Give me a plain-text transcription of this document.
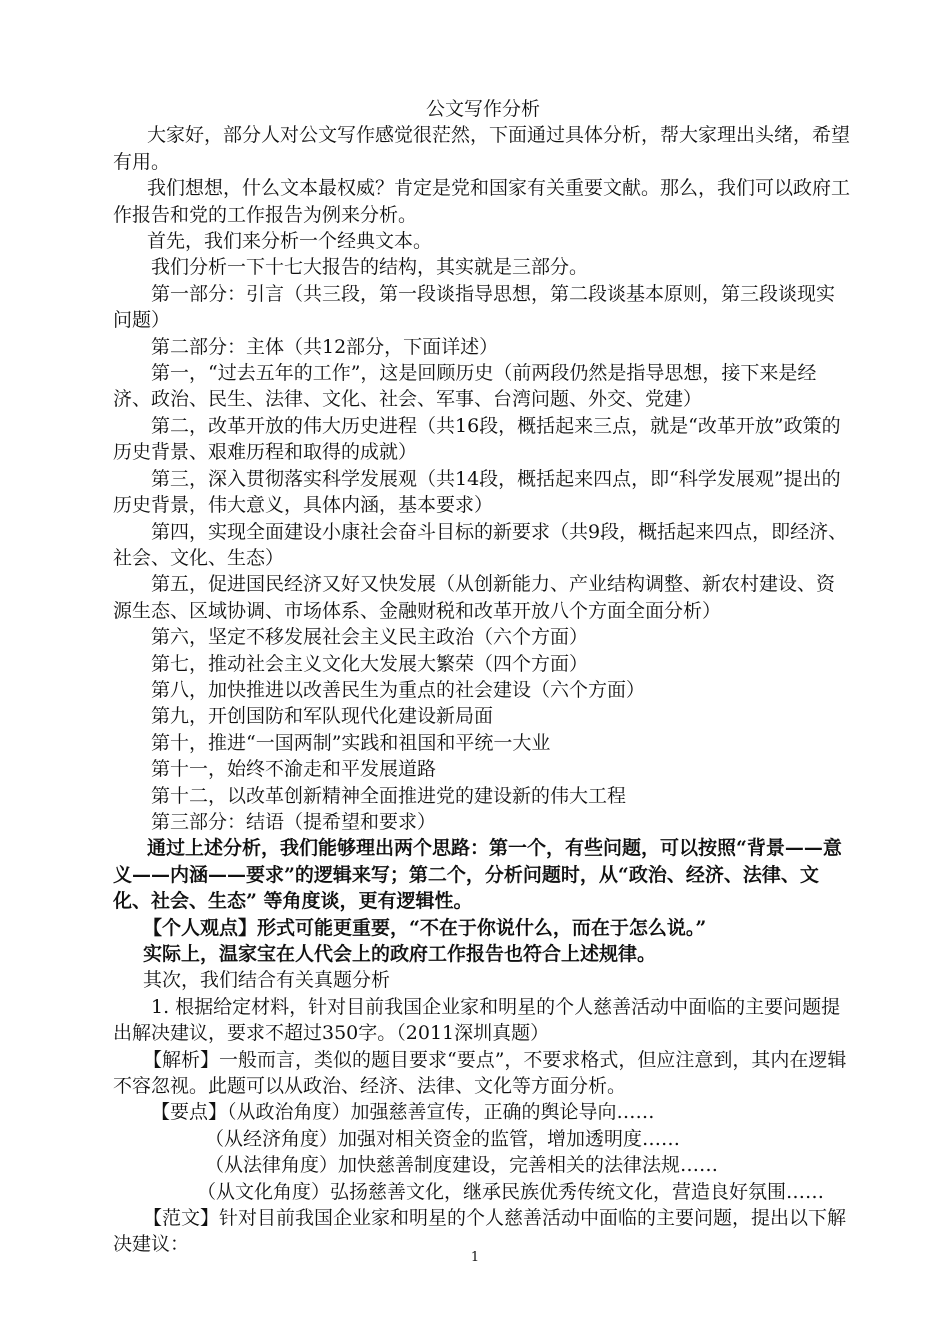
公文写作分析

大家好，部分人对公文写作感觉很茫然，下面通过具体分析，帮大家理出头绪，希望有用。

我们想想，什么文本最权威？肯定是党和国家有关重要文献。那么，我们可以政府工作报告和党的工作报告为例来分析。

首先，我们来分析一个经典文本。

我们分析一下十七大报告的结构，其实就是三部分。

第一部分：引言（共三段，第一段谈指导思想，第二段谈基本原则，第三段谈现实问题）

第二部分：主体（共12部分，下面详述）

第一，“过去五年的工作”，这是回顾历史（前两段仍然是指导思想，接下来是经济、政治、民生、法律、文化、社会、军事、台湾问题、外交、党建）

第二，改革开放的伟大历史进程（共16段，概括起来三点，就是“改革开放”政策的历史背景、艰难历程和取得的成就）

第三，深入贯彻落实科学发展观（共14段，概括起来四点，即“科学发展观”提出的历史背景，伟大意义，具体内涵，基本要求）

第四，实现全面建设小康社会奋斗目标的新要求（共9段，概括起来四点，即经济、社会、文化、生态）

第五，促进国民经济又好又快发展（从创新能力、产业结构调整、新农村建设、资源生态、区域协调、市场体系、金融财税和改革开放八个方面全面分析）

第六，坚定不移发展社会主义民主政治（六个方面）

第七，推动社会主义文化大发展大繁荣（四个方面）

第八，加快推进以改善民生为重点的社会建设（六个方面）

第九，开创国防和军队现代化建设新局面

第十，推进“一国两制”实践和祖国和平统一大业

第十一，始终不渝走和平发展道路

第十二，以改革创新精神全面推进党的建设新的伟大工程

第三部分：结语（提希望和要求）

通过上述分析，我们能够理出两个思路：第一个，有些问题，可以按照“背景——意义——内涵——要求”的逻辑来写；第二个，分析问题时，从“政治、经济、法律、文化、社会、生态” 等角度谈，更有逻辑性。

【个人观点】形式可能更重要，“不在于你说什么，而在于怎么说。”

实际上，温家宝在人代会上的政府工作报告也符合上述规律。

其次，我们结合有关真题分析

1. 根据给定材料，针对目前我国企业家和明星的个人慈善活动中面临的主要问题提出解决建议，要求不超过350字。（2011深圳真题）

【解析】一般而言，类似的题目要求“要点”，不要求格式，但应注意到，其内在逻辑不容忽视。此题可以从政治、经济、法律、文化等方面分析。

【要点】（从政治角度）加强慈善宣传，正确的舆论导向……

（从经济角度）加强对相关资金的监管，增加透明度……

（从法律角度）加快慈善制度建设，完善相关的法律法规……

（从文化角度）弘扬慈善文化，继承民族优秀传统文化，营造良好氛围……

【范文】针对目前我国企业家和明星的个人慈善活动中面临的主要问题，提出以下解决建议：

1
